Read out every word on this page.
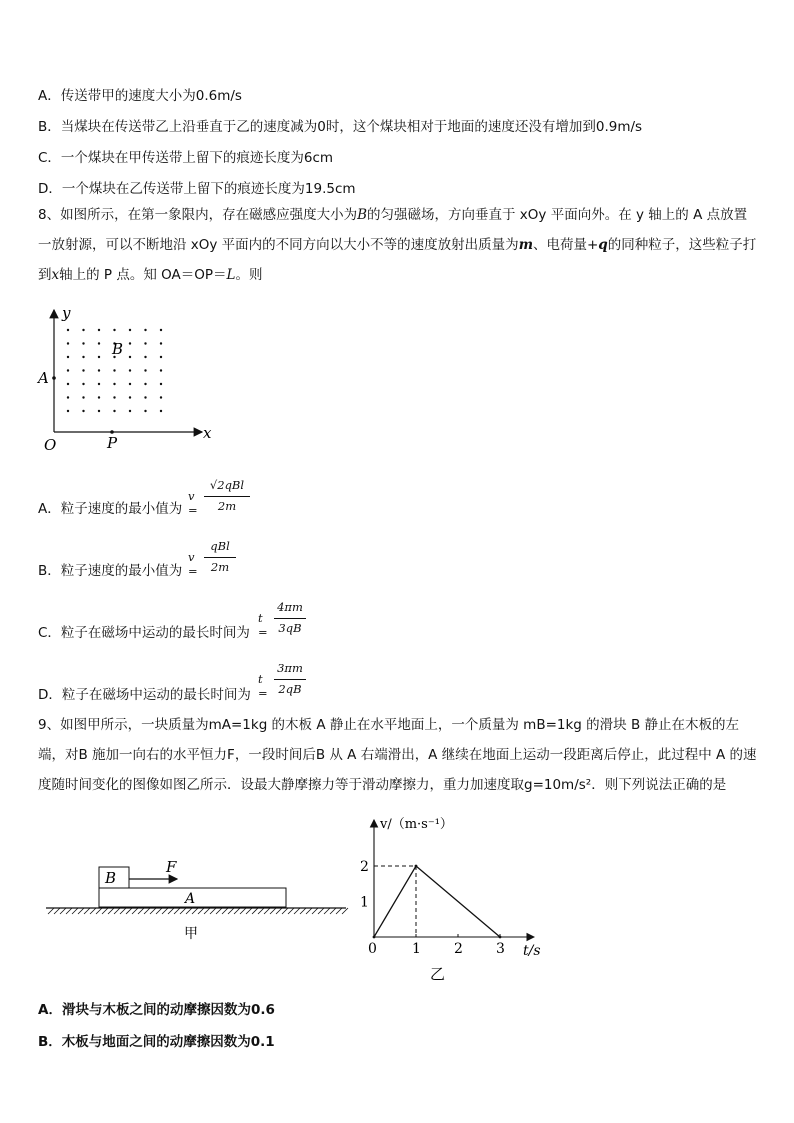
A．传送带甲的速度大小为0.6m/s
B．当煤块在传送带乙上沿垂直于乙的速度减为0时，这个煤块相对于地面的速度还没有增加到0.9m/s
C．一个煤块在甲传送带上留下的痕迹长度为6cm
D．一个煤块在乙传送带上留下的痕迹长度为19.5cm
8、如图所示，在第一象限内，存在磁感应强度大小为B的匀强磁场，方向垂直于 xOy 平面向外。在 y 轴上的 A 点放置一放射源，可以不断地沿 xOy 平面内的不同方向以大小不等的速度放射出质量为m、电荷量+q的同种粒子，这些粒子打到x轴上的 P 点。知 OA＝OP＝L。则
y
x
O
A
P
B
A．粒子速度的最小值为
v =
√2qBl
2m
B．粒子速度的最小值为
v =
qBl
2m
C．粒子在磁场中运动的最长时间为
t =
4πm
3qB
D．粒子在磁场中运动的最长时间为
t =
3πm
2qB
9、如图甲所示，一块质量为mA=1kg 的木板 A 静止在水平地面上，一个质量为 mB=1kg 的滑块 B 静止在木板的左端，对B 施加一向右的水平恒力F，一段时间后B 从 A 右端滑出，A 继续在地面上运动一段距离后停止，此过程中 A 的速度随时间变化的图像如图乙所示．设最大静摩擦力等于滑动摩擦力，重力加速度取g=10m/s²．则下列说法正确的是
B
F
A
甲
v/（m·s⁻¹）
t/s
0
乙
1 2 3
1
2
A．滑块与木板之间的动摩擦因数为0.6
B．木板与地面之间的动摩擦因数为0.1
